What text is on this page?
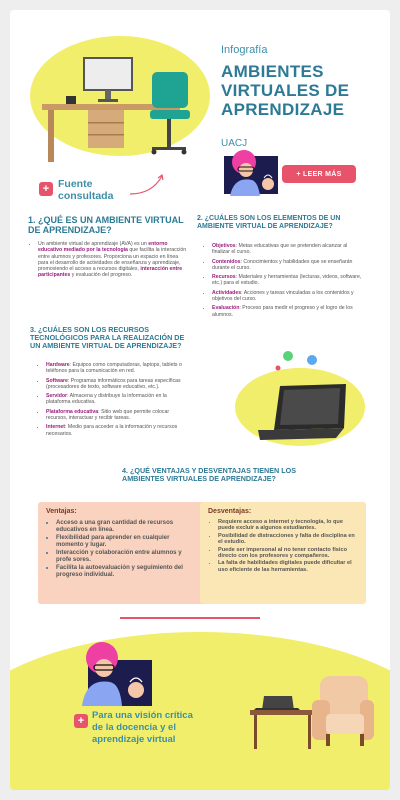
Infografía
AMBIENTES VIRTUALES DE APRENDIZAJE
UACJ
+ LEER MÁS
+ Fuente consultada
1. ¿QUÉ ES UN AMBIENTE VIRTUAL DE APRENDIZAJE?
• Un ambiente virtual de aprendizaje (AVA) es un entorno educativo mediado por la tecnología que facilita la interacción entre alumnos y profesores. Proporciona un espacio en línea para el desarrollo de actividades de enseñanza y aprendizaje, promoviendo el acceso a recursos digitales, interacción entre participantes y evaluación del progreso.
2. ¿CUÁLES SON LOS ELEMENTOS DE UN AMBIENTE VIRTUAL DE APRENDIZAJE?
• Objetivos: Metas educativas que se pretenden alcanzar al finalizar el curso.
• Contenidos: Conocimientos y habilidades que se enseñarán durante el curso.
• Recursos: Materiales y herramientas (lecturas, videos, software, etc.) para el estudio.
• Actividades: Acciones y tareas vinculadas a los contenidos y objetivos del curso.
• Evaluación: Proceso para medir el progreso y el logro de los alumnos.
3. ¿CUÁLES SON LOS RECURSOS TECNOLÓGICOS PARA LA REALIZACIÓN DE UN AMBIENTE VIRTUAL DE APRENDIZAJE?
• Hardware: Equipos como computadoras, laptops, tablets o teléfonos para la comunicación en red.
• Software: Programas informáticos para tareas específicas (procesadores de texto, software educativo, etc.).
• Servidor: Almacena y distribuye la información en la plataforma educativa.
• Plataforma educativa: Sitio web que permite colocar recursos, interactuar y recibir tareas.
• Internet: Medio para acceder a la información y recursos necesarios.
4. ¿QUÉ VENTAJAS Y DESVENTAJAS TIENEN LOS AMBIENTES VIRTUALES DE APRENDIZAJE?
Ventajas:
• Acceso a una gran cantidad de recursos educativos en línea.
• Flexibilidad para aprender en cualquier momento y lugar.
• Interacción y colaboración entre alumnos y profe sores.
• Facilita la autoevaluación y seguimiento del progreso individual.
Desventajas:
• Requiere acceso a internet y tecnología, lo que puede excluir a algunos estudiantes.
• Posibilidad de distracciones y falta de disciplina en el estudio.
• Puede ser impersonal al no tener contacto físico directo con los profesores y compañeros.
• La falta de habilidades digitales puede dificultar el uso eficiente de las herramientas.
+ Para una visión crítica de la docencia y el aprendizaje virtual
